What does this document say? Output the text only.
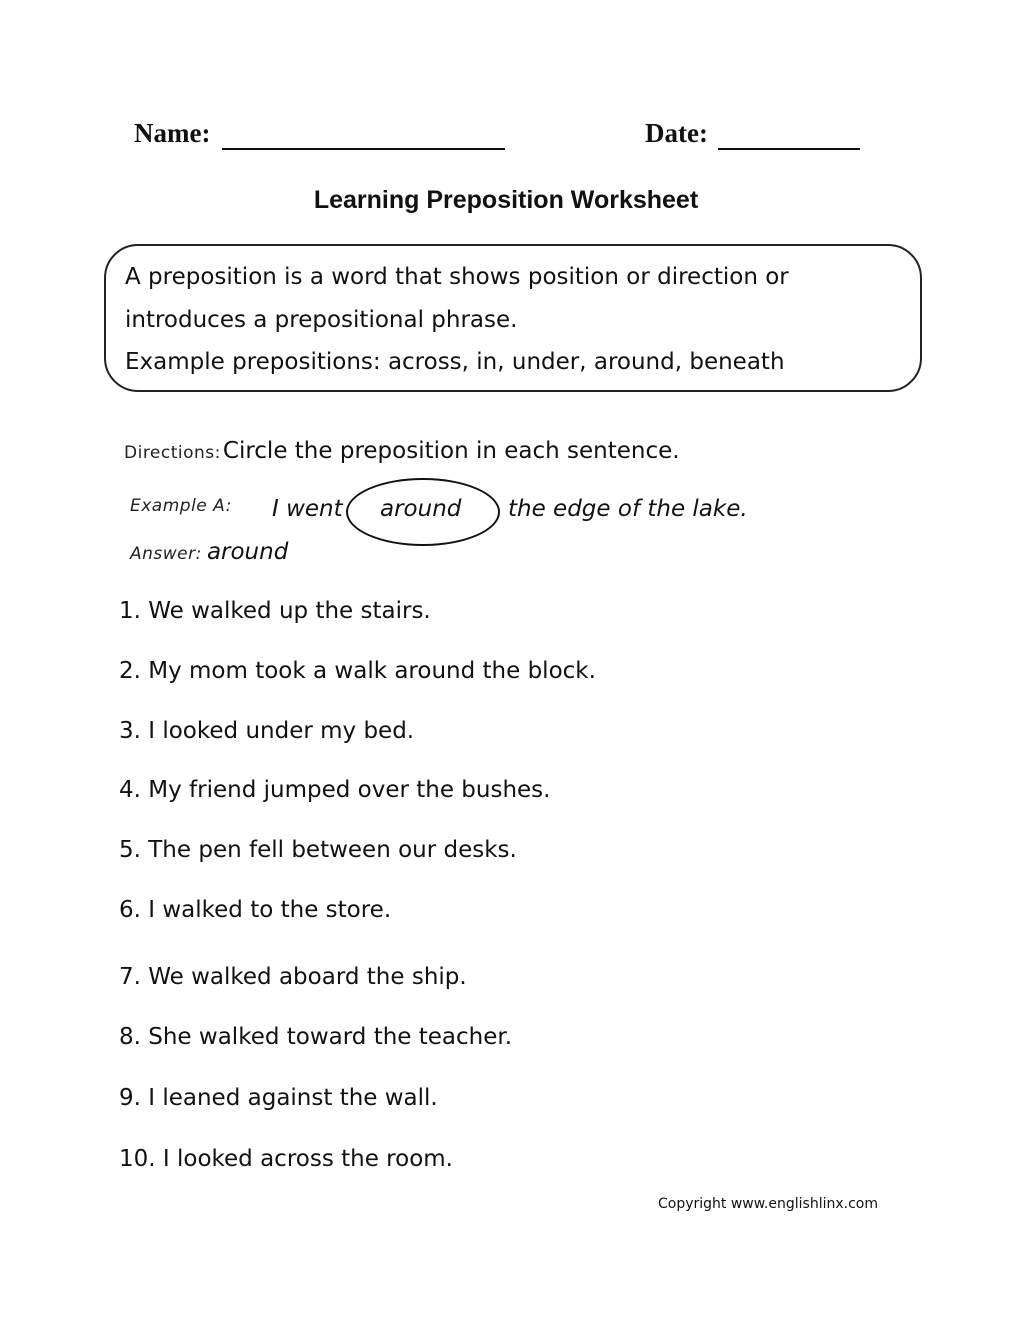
Name:	Date:
Learning Preposition Worksheet
A preposition is a word that shows position or direction or
introduces a prepositional phrase.
Example prepositions: across, in, under, around, beneath
Directions:Circle the preposition in each sentence.
Example A: I went around the edge of the lake.
Answer: around
1. We walked up the stairs.
2. My mom took a walk around the block.
3. I looked under my bed.
4. My friend jumped over the bushes.
5. The pen fell between our desks.
6. I walked to the store.
7. We walked aboard the ship.
8. She walked toward the teacher.
9. I leaned against the wall.
10. I looked across the room.
Copyright www.englishlinx.com
